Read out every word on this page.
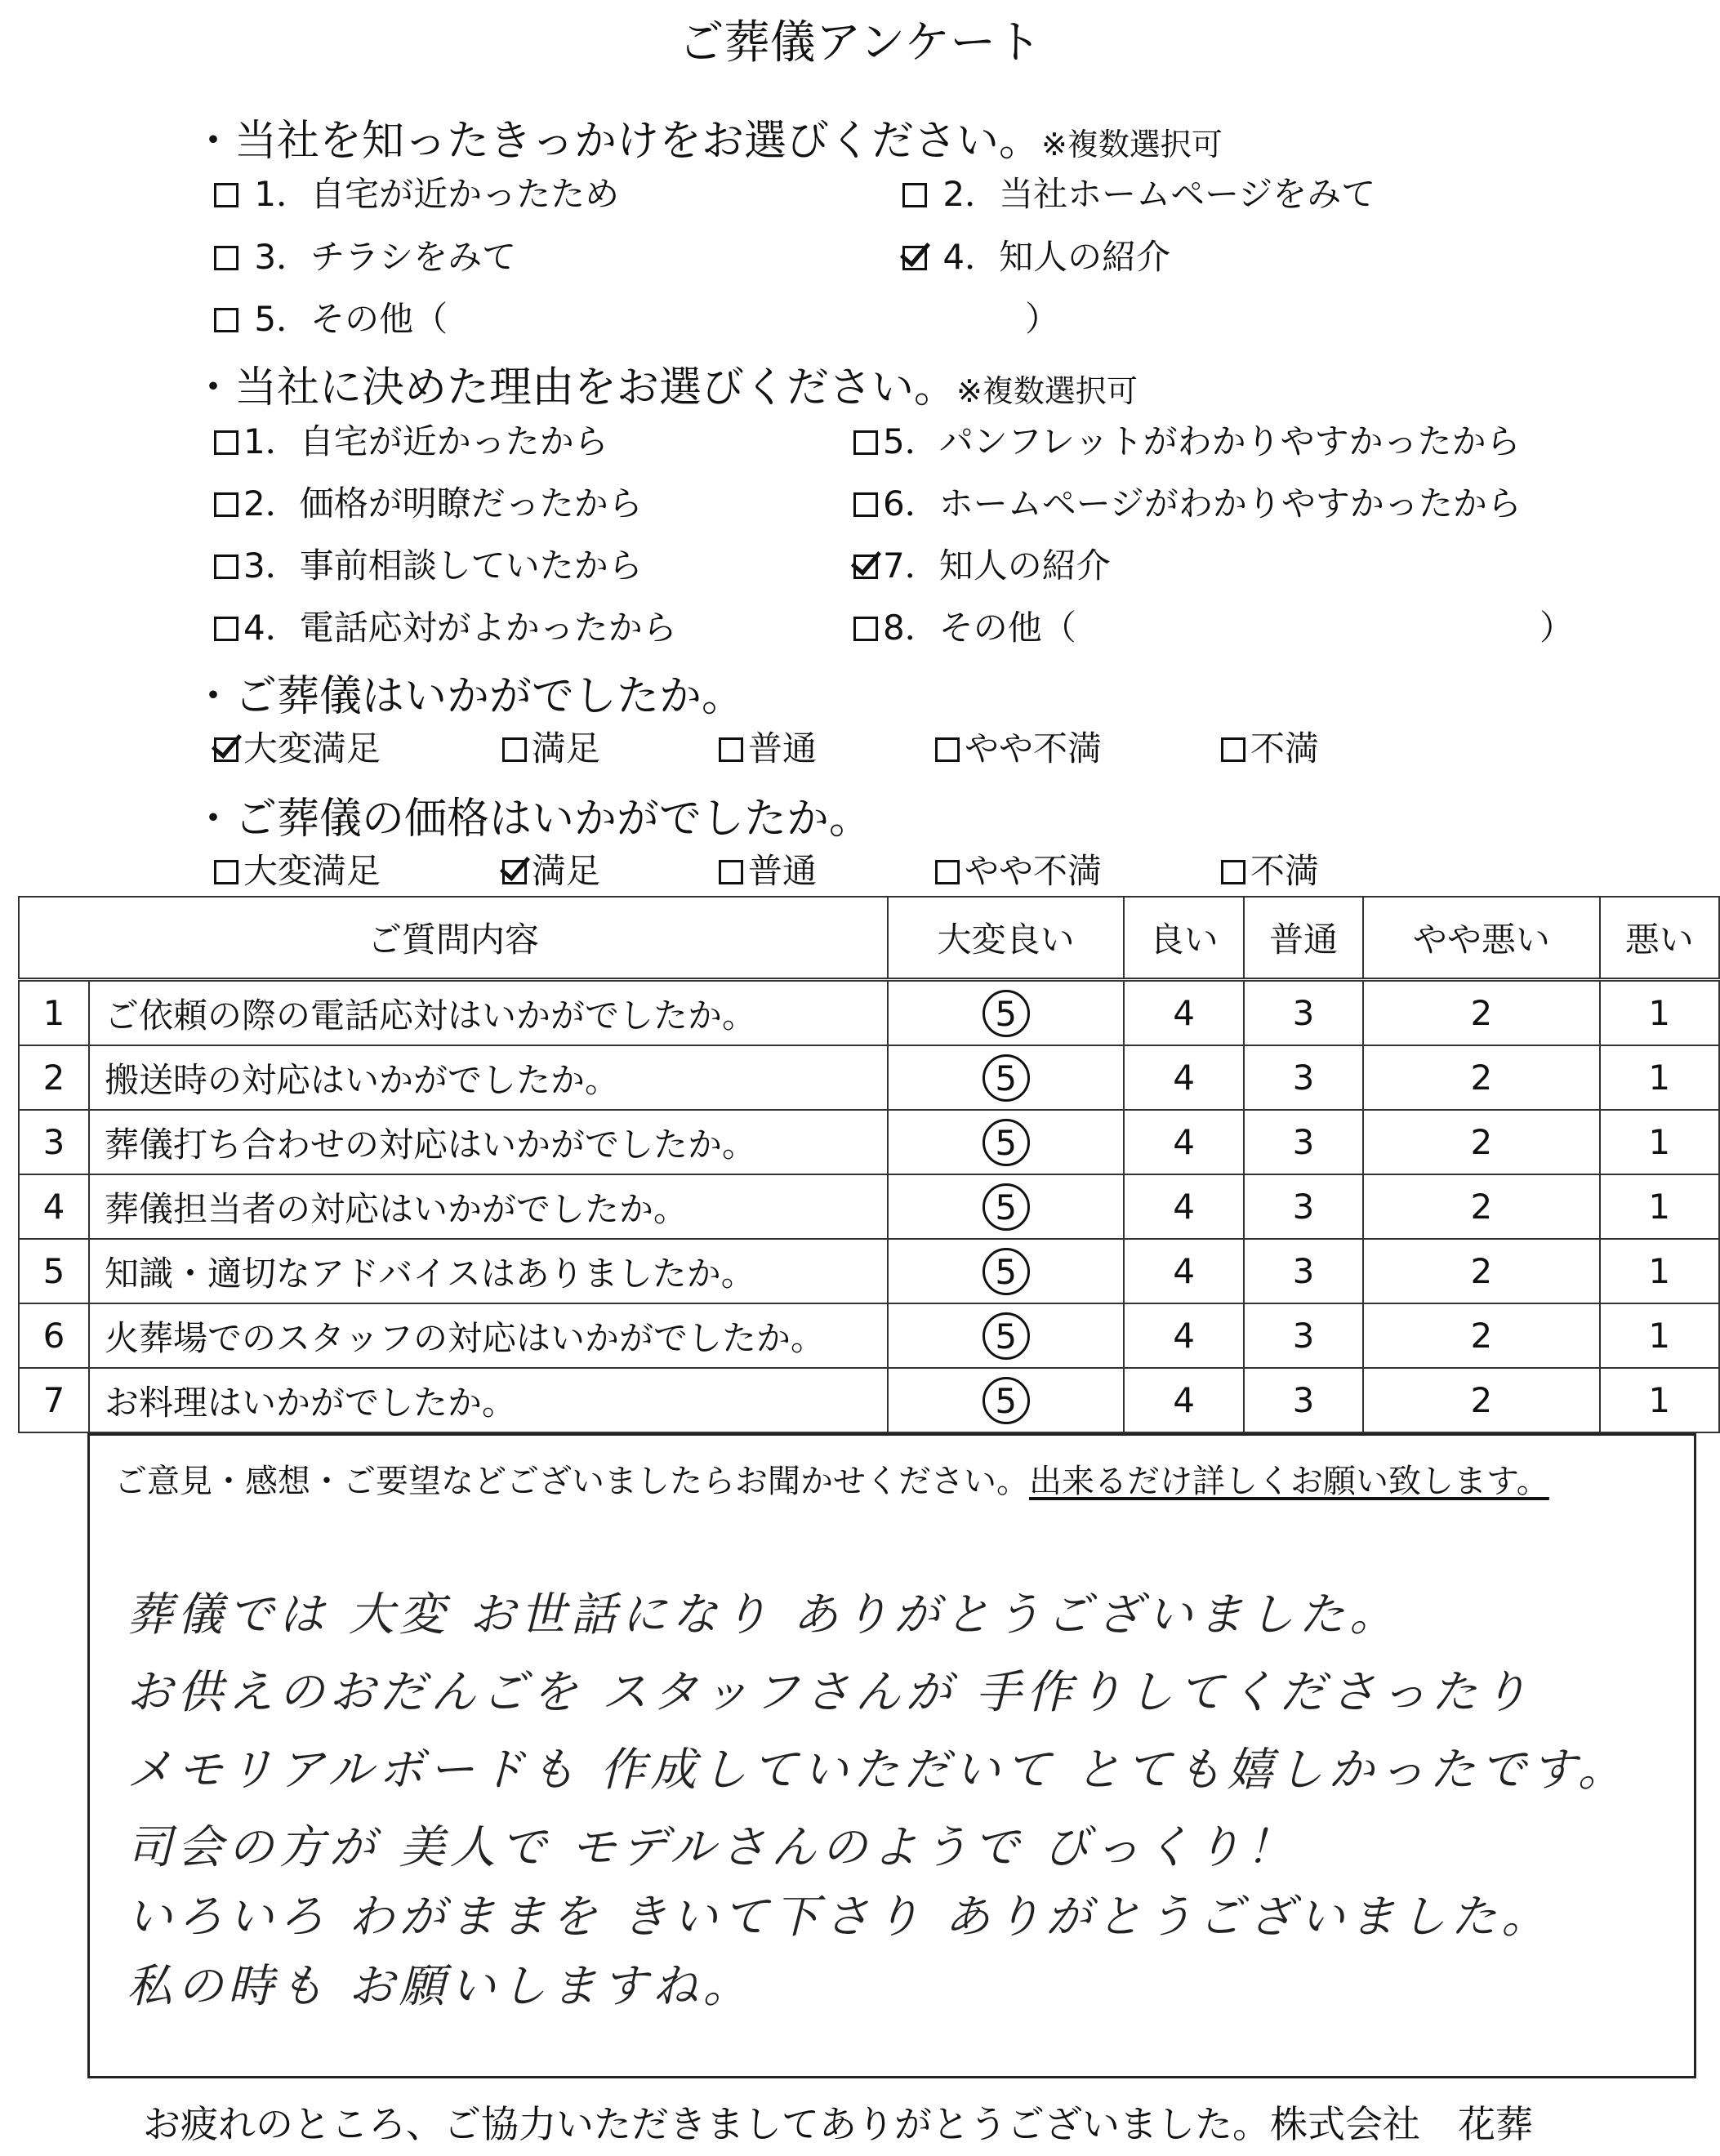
ご葬儀アンケート
・当社を知ったきっかけをお選びください。※複数選択可
1．自宅が近かったため	2．当社ホームページをみて
3．チラシをみて	4．知人の紹介
5．その他（	）
・当社に決めた理由をお選びください。※複数選択可
1．自宅が近かったから
2．価格が明瞭だったから
3．事前相談していたから
4．電話応対がよかったから
5．パンフレットがわかりやすかったから
6．ホームページがわかりやすかったから
7．知人の紹介
8．その他（	）
・ご葬儀はいかがでしたか。
大変満足	満足	普通	やや不満	不満
・ご葬儀の価格はいかがでしたか。
大変満足	満足	普通	やや不満	不満
ご質問内容		大変良い	良い	普通	やや悪い	悪い
1	ご依頼の際の電話応対はいかがでしたか。	5	4	3	2	1
2	搬送時の対応はいかがでしたか。	5	4	3	2	1
3	葬儀打ち合わせの対応はいかがでしたか。	5	4	3	2	1
4	葬儀担当者の対応はいかがでしたか。	5	4	3	2	1
5	知識・適切なアドバイスはありましたか。	5	4	3	2	1
6	火葬場でのスタッフの対応はいかがでしたか。	5	4	3	2	1
7	お料理はいかがでしたか。	5	4	3	2	1
ご意見・感想・ご要望などございましたらお聞かせください。出来るだけ詳しくお願い致します。
葬儀では 大変 お世話になり ありがとうございました。
お供えのおだんごを スタッフさんが 手作りしてくださったり
メモリアルボードも 作成していただいて とても嬉しかったです。
司会の方が 美人で モデルさんのようで びっくり！
いろいろ わがままを きいて下さり ありがとうございました。
私の時も お願いしますね。
お疲れのところ、ご協力いただきましてありがとうございました。株式会社　花葬
